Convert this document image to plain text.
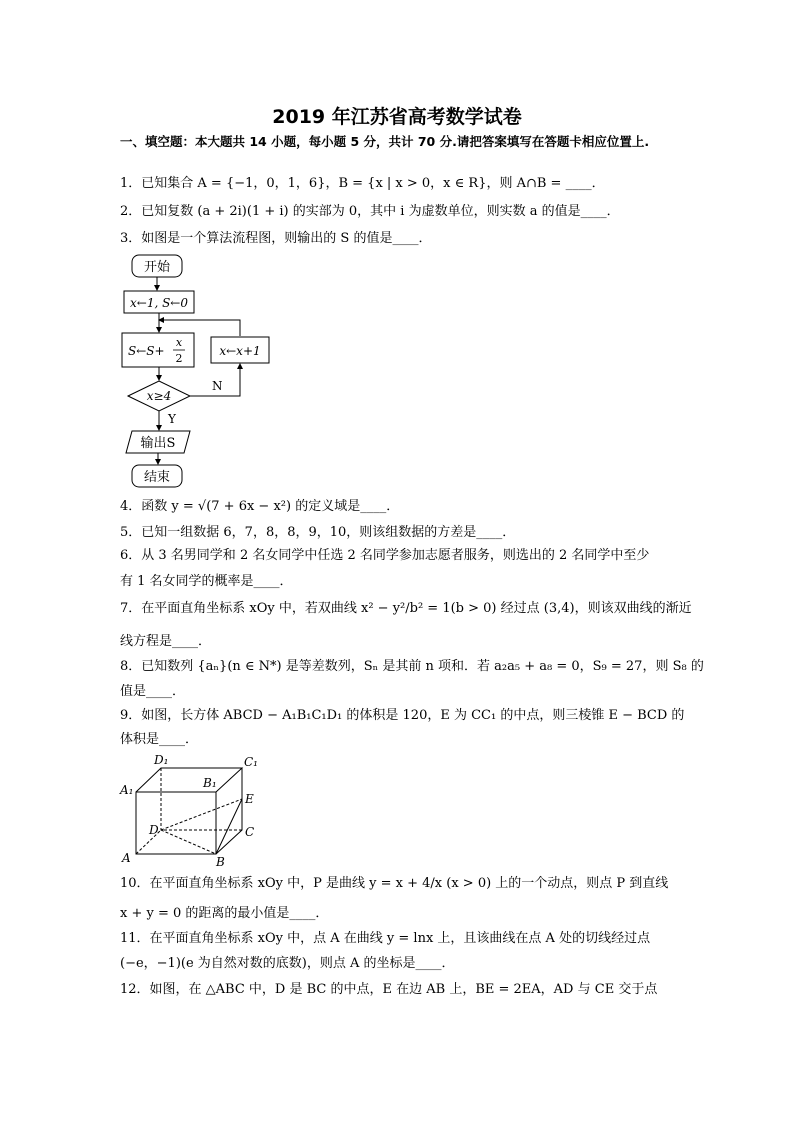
2019 年江苏省高考数学试卷
一、填空题：本大题共 14 小题，每小题 5 分，共计 70 分.请把答案填写在答题卡相应位置上.
1．已知集合 A = {−1，0，1，6}，B = {x | x > 0，x ∈ R}，则 A∩B = ____．
2．已知复数 (a + 2i)(1 + i) 的实部为 0，其中 i 为虚数单位，则实数 a 的值是____．
3．如图是一个算法流程图，则输出的 S 的值是____．
开始
x←1, S←0
S←S+
x
2
x←x+1
x≥4
N
Y
输出S
结束
4．函数 y = √(7 + 6x − x²) 的定义域是____．
5．已知一组数据 6，7，8，8，9，10，则该组数据的方差是____．
6．从 3 名男同学和 2 名女同学中任选 2 名同学参加志愿者服务，则选出的 2 名同学中至少
有 1 名女同学的概率是____．
7．在平面直角坐标系 xOy 中，若双曲线 x² − y²/b² = 1(b > 0) 经过点 (3,4)，则该双曲线的渐近
线方程是____．
8．已知数列 {aₙ}(n ∈ N*) 是等差数列，Sₙ 是其前 n 项和．若 a₂a₅ + a₈ = 0，S₉ = 27，则 S₈ 的
值是____．
9．如图，长方体 ABCD − A₁B₁C₁D₁ 的体积是 120，E 为 CC₁ 的中点，则三棱锥 E − BCD 的
体积是____．
A	B
C
D
E
A₁	B₁
C₁
D₁
10．在平面直角坐标系 xOy 中，P 是曲线 y = x + 4/x (x > 0) 上的一个动点，则点 P 到直线
x + y = 0 的距离的最小值是____．
11．在平面直角坐标系 xOy 中，点 A 在曲线 y = lnx 上，且该曲线在点 A 处的切线经过点
(−e，−1)(e 为自然对数的底数)，则点 A 的坐标是____．
12．如图，在 △ABC 中，D 是 BC 的中点，E 在边 AB 上，BE = 2EA，AD 与 CE 交于点
